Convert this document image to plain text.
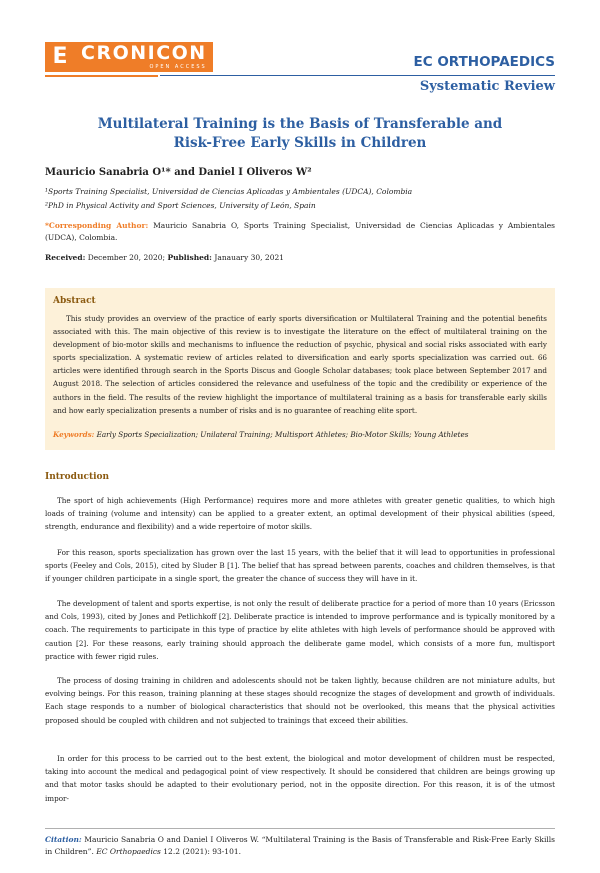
E CRONICON
OPEN ACCESS	EC ORTHOPAEDICS
Systematic Review
Multilateral Training is the Basis of Transferable and
Risk-Free Early Skills in Children
Mauricio Sanabria O¹* and Daniel I Oliveros W²
¹Sports Training Specialist, Universidad de Ciencias Aplicadas y Ambientales (UDCA), Colombia
²PhD in Physical Activity and Sport Sciences, University of León, Spain
*Corresponding Author: Mauricio Sanabria O, Sports Training Specialist, Universidad de Ciencias Aplicadas y Ambientales (UDCA), Colombia.
Received: December 20, 2020; Published: Janauary 30, 2021
Abstract
This study provides an overview of the practice of early sports diversification or Multilateral Training and the potential benefits associated with this. The main objective of this review is to investigate the literature on the effect of multilateral training on the development of bio-motor skills and mechanisms to influence the reduction of psychic, physical and social risks associated with early sports specialization. A systematic review of articles related to diversification and early sports specialization was carried out. 66 articles were identified through search in the Sports Discus and Google Scholar databases; took place between September 2017 and August 2018. The selection of articles considered the relevance and usefulness of the topic and the credibility or experience of the authors in the field. The results of the review highlight the importance of multilateral training as a basis for transferable early skills and how early specialization presents a number of risks and is no guarantee of reaching elite sport.
Keywords: Early Sports Specialization; Unilateral Training; Multisport Athletes; Bio-Motor Skills; Young Athletes
Introduction
The sport of high achievements (High Performance) requires more and more athletes with greater genetic qualities, to which high loads of training (volume and intensity) can be applied to a greater extent, an optimal development of their physical abilities (speed, strength, endurance and flexibility) and a wide repertoire of motor skills.
For this reason, sports specialization has grown over the last 15 years, with the belief that it will lead to opportunities in professional sports (Feeley and Cols, 2015), cited by Sluder B [1]. The belief that has spread between parents, coaches and children themselves, is that if younger children participate in a single sport, the greater the chance of success they will have in it.
The development of talent and sports expertise, is not only the result of deliberate practice for a period of more than 10 years (Ericsson and Cols, 1993), cited by Jones and Petlichkoff [2]. Deliberate practice is intended to improve performance and is typically monitored by a coach. The requirements to participate in this type of practice by elite athletes with high levels of performance should be approved with caution [2]. For these reasons, early training should approach the deliberate game model, which consists of a more fun, multisport practice with fewer rigid rules.
The process of dosing training in children and adolescents should not be taken lightly, because children are not miniature adults, but evolving beings. For this reason, training planning at these stages should recognize the stages of development and growth of individuals. Each stage responds to a number of biological characteristics that should not be overlooked, this means that the physical activities proposed should be coupled with children and not subjected to trainings that exceed their abilities.
In order for this process to be carried out to the best extent, the biological and motor development of children must be respected, taking into account the medical and pedagogical point of view respectively. It should be considered that children are beings growing up and that motor tasks should be adapted to their evolutionary period, not in the opposite direction. For this reason, it is of the utmost impor-
Citation: Mauricio Sanabria O and Daniel I Oliveros W. “Multilateral Training is the Basis of Transferable and Risk-Free Early Skills in Children”. EC Orthopaedics 12.2 (2021): 93-101.
